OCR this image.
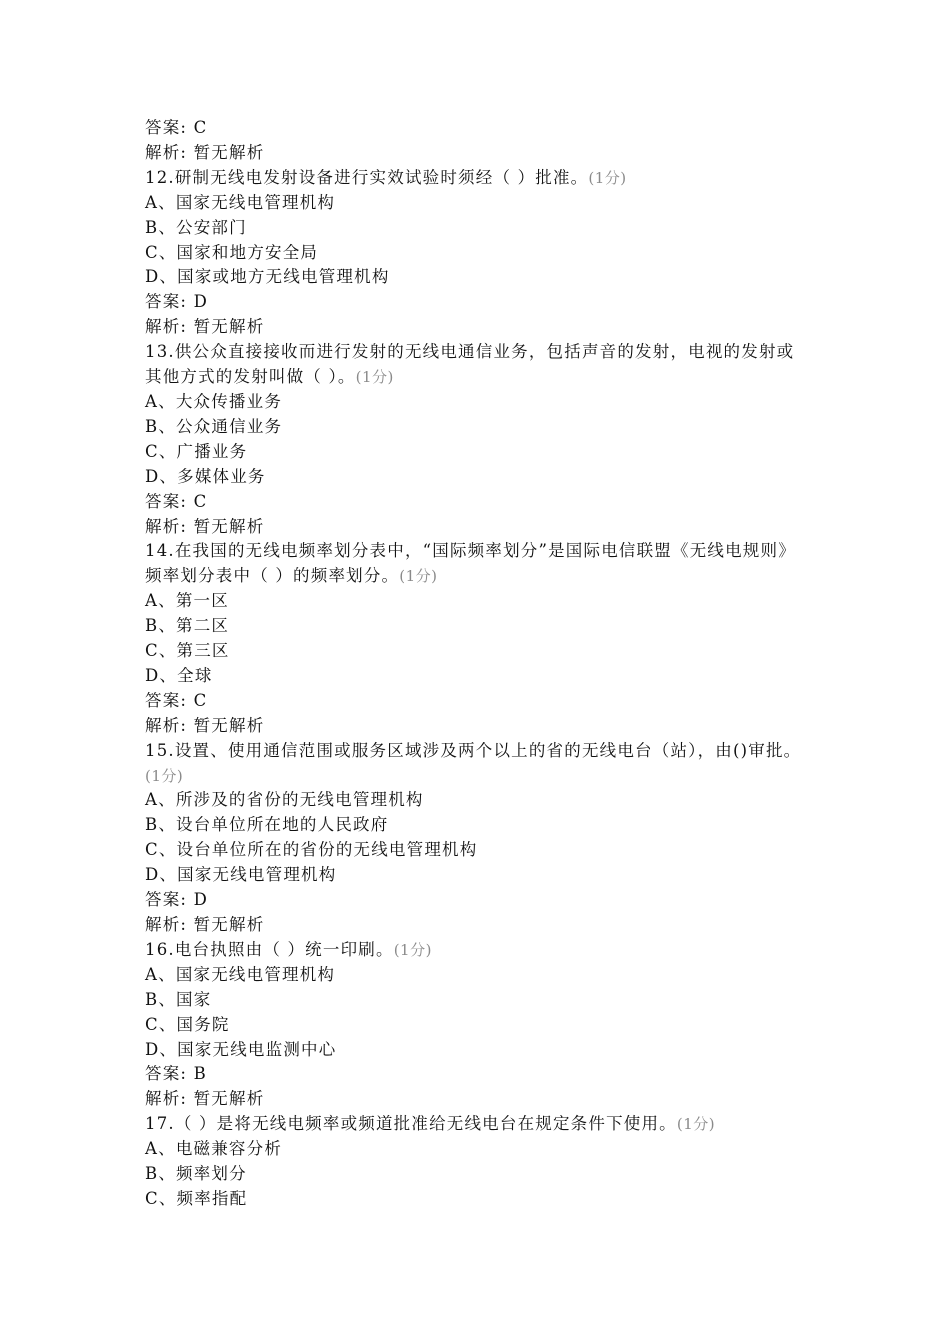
答案: C
解析: 暂无解析
12.研制无线电发射设备进行实效试验时须经（ ）批准。(1分)
A、国家无线电管理机构
B、公安部门
C、国家和地方安全局
D、国家或地方无线电管理机构
答案: D
解析: 暂无解析
13.供公众直接接收而进行发射的无线电通信业务，包括声音的发射，电视的发射或其他方式的发射叫做（ ）。(1分)
A、大众传播业务
B、公众通信业务
C、广播业务
D、多媒体业务
答案: C
解析: 暂无解析
14.在我国的无线电频率划分表中，“国际频率划分”是国际电信联盟《无线电规则》频率划分表中（ ）的频率划分。(1分)
A、第一区
B、第二区
C、第三区
D、全球
答案: C
解析: 暂无解析
15.设置、使用通信范围或服务区域涉及两个以上的省的无线电台（站），由()审批。(1分)
A、所涉及的省份的无线电管理机构
B、设台单位所在地的人民政府
C、设台单位所在的省份的无线电管理机构
D、国家无线电管理机构
答案: D
解析: 暂无解析
16.电台执照由（ ）统一印刷。(1分)
A、国家无线电管理机构
B、国家
C、国务院
D、国家无线电监测中心
答案: B
解析: 暂无解析
17.（ ）是将无线电频率或频道批准给无线电台在规定条件下使用。(1分)
A、电磁兼容分析
B、频率划分
C、频率指配
